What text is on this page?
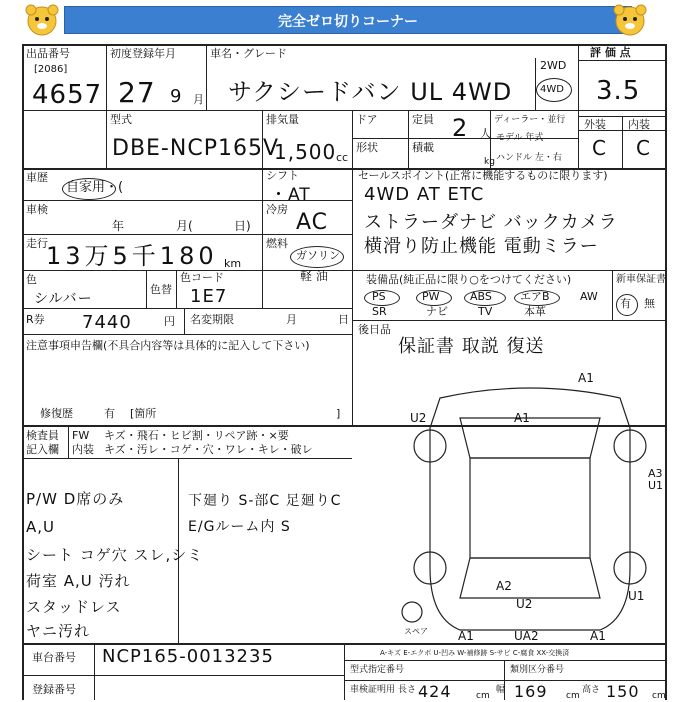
完全ゼロ切りコーナー
出品番号
[2086]
4657
初度登録年月
27 9 月
車名・グレード
サクシードバン UL 4WD
2WD
4WD
評 価 点
3.5
型式
DBE-NCP165V
排気量
1,500 cc
ドア	定員 2 人
ディーラー・並行
モデル 年式
ハンドル 左・右
形状	積載
kg
外装 内装
C C
車歴
自家用・(
シフト
・AT
車検
年	月(	日)
冷房
AC
走行
13万5千180 km
燃料
ガソリン
軽 油
色
シルバー
色替
色コード
1E7
R券 7440	円 名変期限	月	日
注意事項申告欄(不具合内容等は具体的に記入して下さい)
修復歴	有 [箇所	]
セールスポイント(正常に機能するものに限ります)
4WD AT ETC
ストラーダナビ バックカメラ
横滑り防止機能 電動ミラー
装備品(純正品に限り○をつけてください)	新車保証書
PS	PW	ABS	エアB	AW
SR	ナビ	TV	本革
有 無
後日品
保証書 取説 復送
A1
A1
U2
A3
U1
A2
U2
U1
A1	UA2	A1
スペア
A-キズ E-エクボ U-凹み W-補修跡 S-サビ C-腐食 XX-交換済
検査員
記入欄
FW
内装
キズ・飛石・ヒビ割・リペア跡・×要
キズ・汚レ・コゲ・穴・ワレ・キレ・破レ
P/W D席のみ
A,U
シート コゲ穴 スレ,シミ
荷室 A,U 汚れ
スタッドレス
ヤニ汚れ
下廻り S-部C 足廻りC
E/Gルーム内 S
車台番号 NCP165-0013235
登録番号
型式指定番号	類別区分番号
車検証明用 長さ 424	cm
幅 169 cm
高さ 150 cm
